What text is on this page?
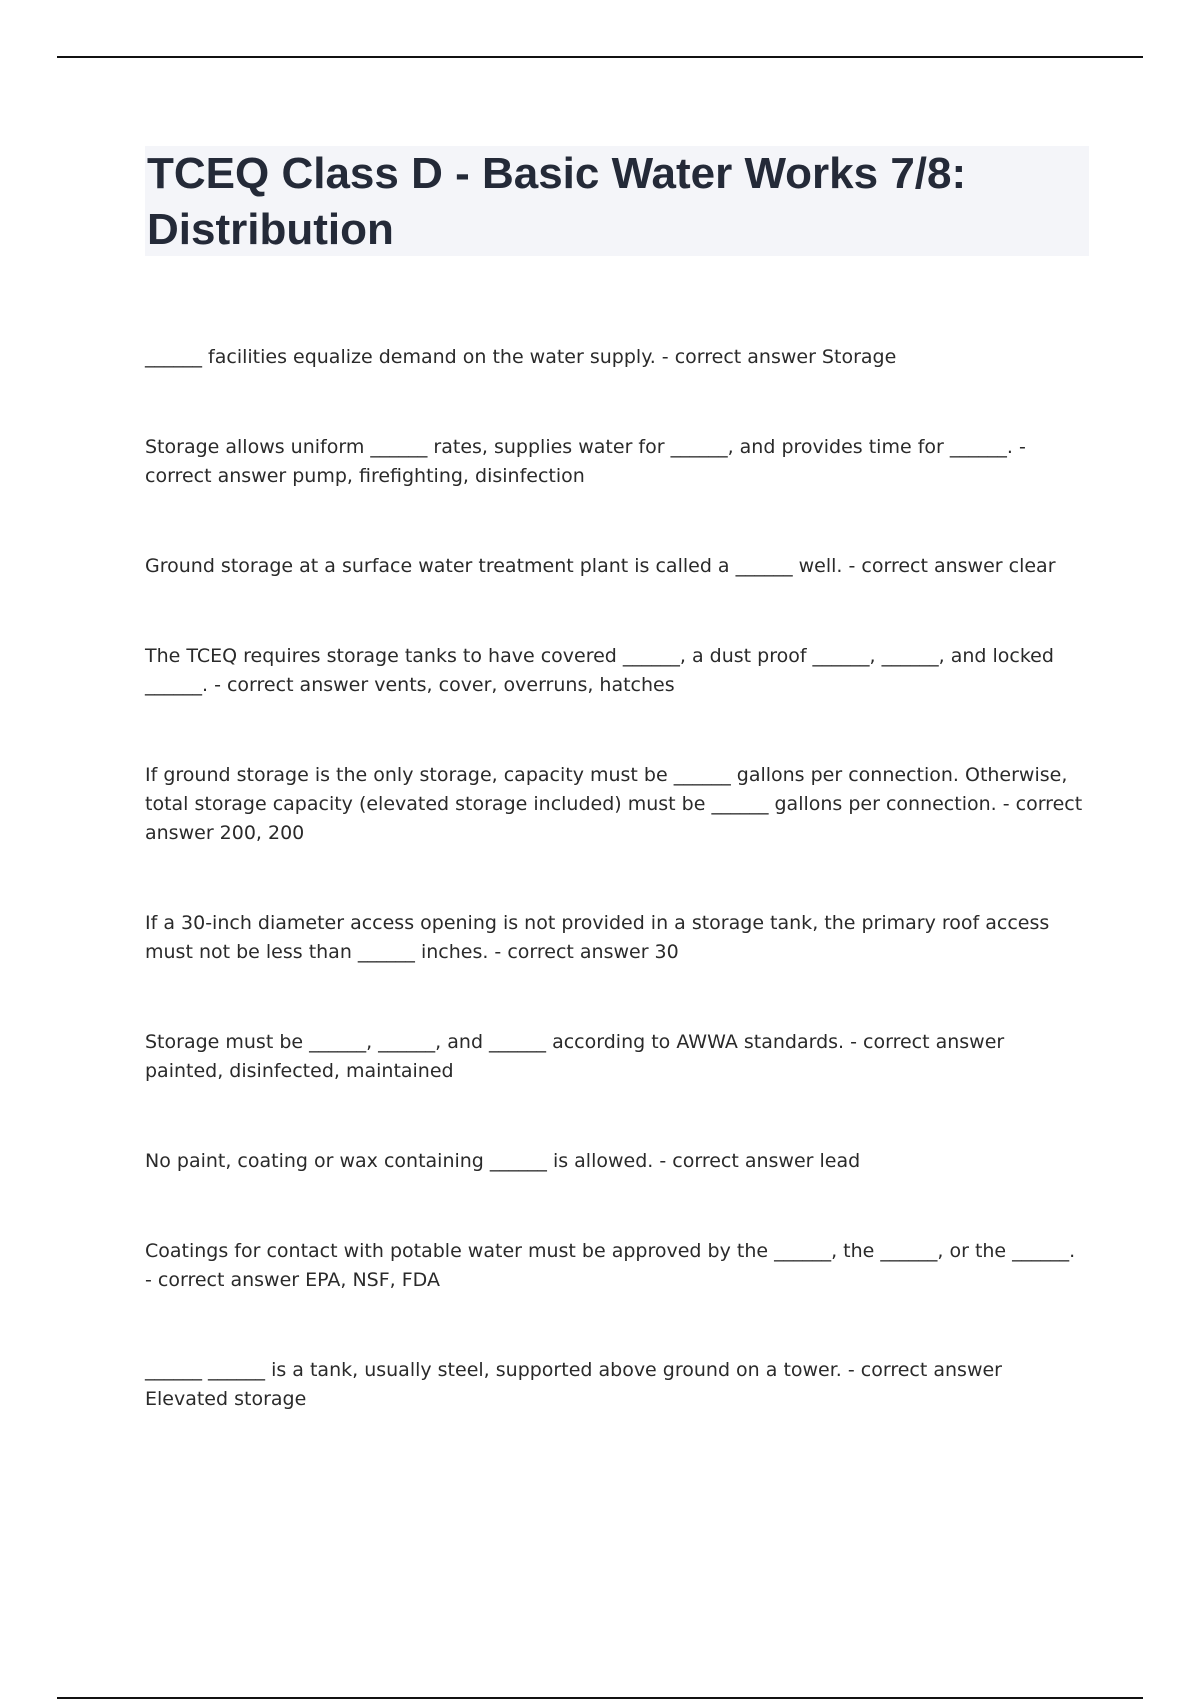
TCEQ Class D - Basic Water Works 7/8: Distribution
______ facilities equalize demand on the water supply. - correct answer Storage
Storage allows uniform ______ rates, supplies water for ______, and provides time for ______. - correct answer pump, firefighting, disinfection
Ground storage at a surface water treatment plant is called a ______ well. - correct answer clear
The TCEQ requires storage tanks to have covered ______, a dust proof ______, ______, and locked ______. - correct answer vents, cover, overruns, hatches
If ground storage is the only storage, capacity must be ______ gallons per connection. Otherwise, total storage capacity (elevated storage included) must be ______ gallons per connection. - correct answer 200, 200
If a 30-inch diameter access opening is not provided in a storage tank, the primary roof access must not be less than ______ inches. - correct answer 30
Storage must be ______, ______, and ______ according to AWWA standards. - correct answer painted, disinfected, maintained
No paint, coating or wax containing ______ is allowed. - correct answer lead
Coatings for contact with potable water must be approved by the ______, the ______, or the ______. - correct answer EPA, NSF, FDA
______ ______ is a tank, usually steel, supported above ground on a tower. - correct answer Elevated storage
